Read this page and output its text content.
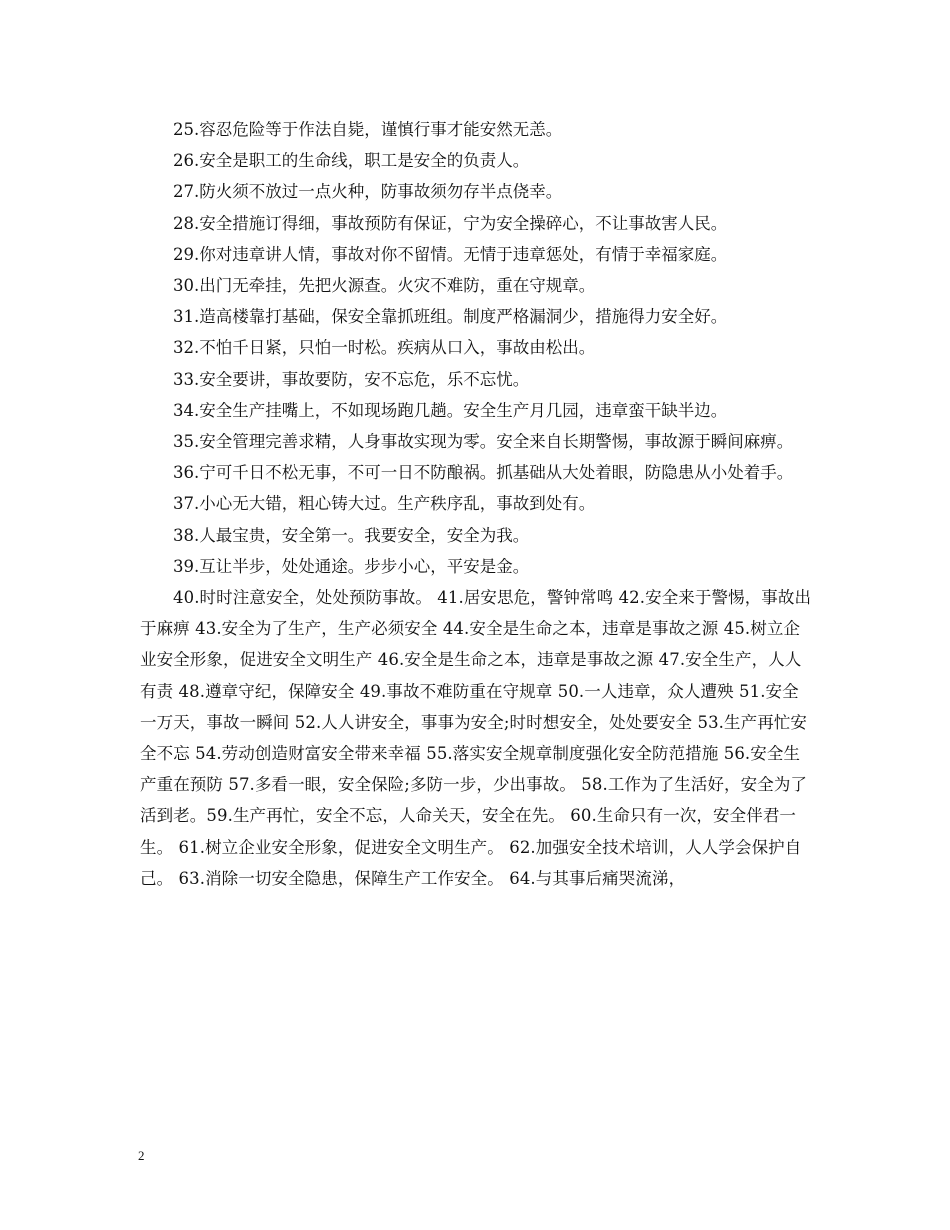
25.容忍危险等于作法自毙，谨慎行事才能安然无恙。

26.安全是职工的生命线，职工是安全的负责人。

27.防火须不放过一点火种，防事故须勿存半点侥幸。

28.安全措施订得细，事故预防有保证，宁为安全操碎心，不让事故害人民。

29.你对违章讲人情，事故对你不留情。无情于违章惩处，有情于幸福家庭。

30.出门无牵挂，先把火源查。火灾不难防，重在守规章。

31.造高楼靠打基础，保安全靠抓班组。制度严格漏洞少，措施得力安全好。

32.不怕千日紧，只怕一时松。疾病从口入，事故由松出。

33.安全要讲，事故要防，安不忘危，乐不忘忧。

34.安全生产挂嘴上，不如现场跑几趟。安全生产月几园，违章蛮干缺半边。

35.安全管理完善求精，人身事故实现为零。安全来自长期警惕，事故源于瞬间麻痹。

36.宁可千日不松无事，不可一日不防酿祸。抓基础从大处着眼，防隐患从小处着手。

37.小心无大错，粗心铸大过。生产秩序乱，事故到处有。

38.人最宝贵，安全第一。我要安全，安全为我。

39.互让半步，处处通途。步步小心，平安是金。

40.时时注意安全，处处预防事故。 41.居安思危，警钟常鸣 42.安全来于警惕，事故出于麻痹 43.安全为了生产，生产必须安全 44.安全是生命之本，违章是事故之源 45.树立企业安全形象，促进安全文明生产 46.安全是生命之本，违章是事故之源 47.安全生产，人人有责 48.遵章守纪，保障安全 49.事故不难防重在守规章 50.一人违章，众人遭殃 51.安全一万天，事故一瞬间 52.人人讲安全，事事为安全;时时想安全，处处要安全 53.生产再忙安全不忘 54.劳动创造财富安全带来幸福 55.落实安全规章制度强化安全防范措施 56.安全生产重在预防 57.多看一眼，安全保险;多防一步，少出事故。 58.工作为了生活好，安全为了活到老。59.生产再忙，安全不忘，人命关天，安全在先。 60.生命只有一次，安全伴君一生。 61.树立企业安全形象，促进安全文明生产。 62.加强安全技术培训，人人学会保护自己。 63.消除一切安全隐患，保障生产工作安全。 64.与其事后痛哭流涕，

2
